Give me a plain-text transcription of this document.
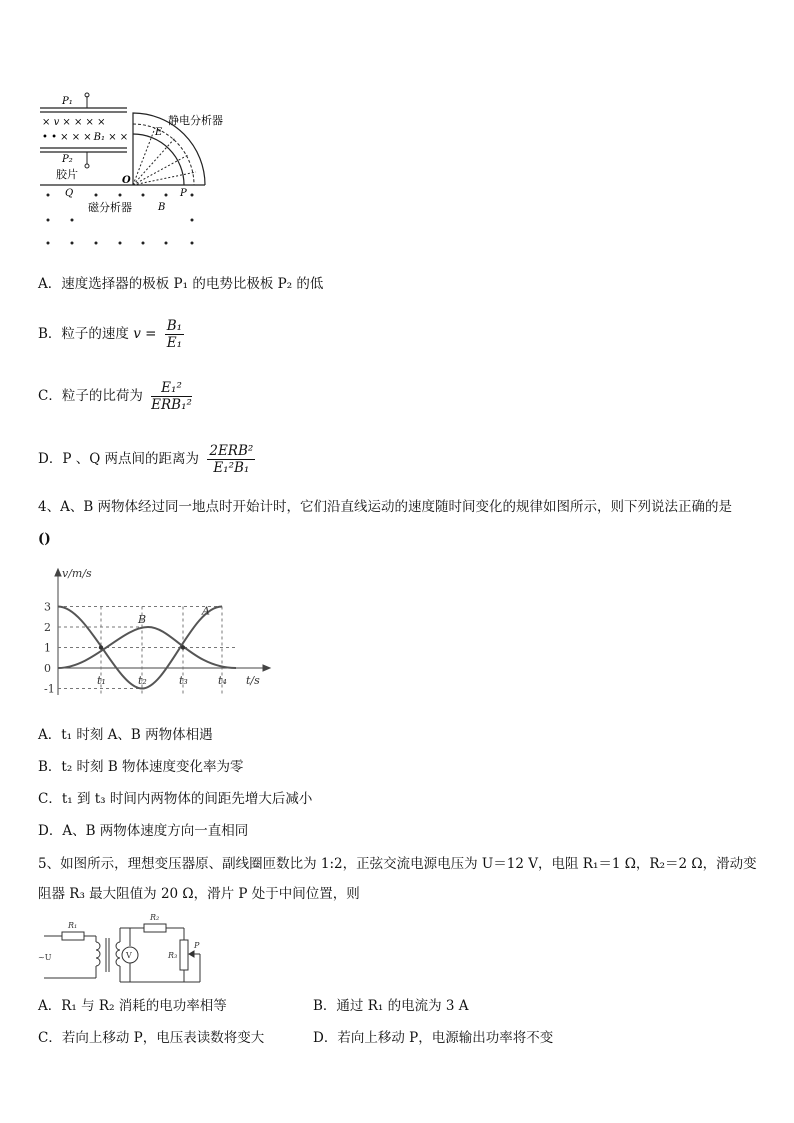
P₁
P₂
× v × × × ×
• • × × × B₁ × ×	E
静电分析器
胶片	O
P
Q
B
磁分析器
A．速度选择器的极板 P₁ 的电势比极板 P₂ 的低
B．粒子的速度 $v = \frac{\text{B₁}}{\text{E₁}}$
C．粒子的比荷为 $\frac{\text{E₁²}}{\text{ERB₁²}}$
D．P 、Q 两点间的距离为 $\frac{\text{2ERB²}}{\text{E₁²B₁}}$
4、A、B 两物体经过同一地点时开始计时，它们沿直线运动的速度随时间变化的规律如图所示，则下列说法正确的是
()
3
2
1
0
-1
t₁	t₂	t₃	t₄
v/m/s
t/s
A
B
A．t₁ 时刻 A、B 两物体相遇
B．t₂ 时刻 B 物体速度变化率为零
C．t₁ 到 t₃ 时间内两物体的间距先增大后减小
D．A、B 两物体速度方向一直相同
5、如图所示，理想变压器原、副线圈匝数比为 1:2，正弦交流电源电压为 U＝12 V，电阻 R₁＝1 Ω，R₂＝2 Ω，滑动变
阻器 R₃ 最大阻值为 20 Ω，滑片 P 处于中间位置，则
R₁
R₂
R₃
P
V
~U
A．R₁ 与 R₂ 消耗的电功率相等	B．通过 R₁ 的电流为 3 A
C．若向上移动 P，电压表读数将变大	D．若向上移动 P，电源输出功率将不变
